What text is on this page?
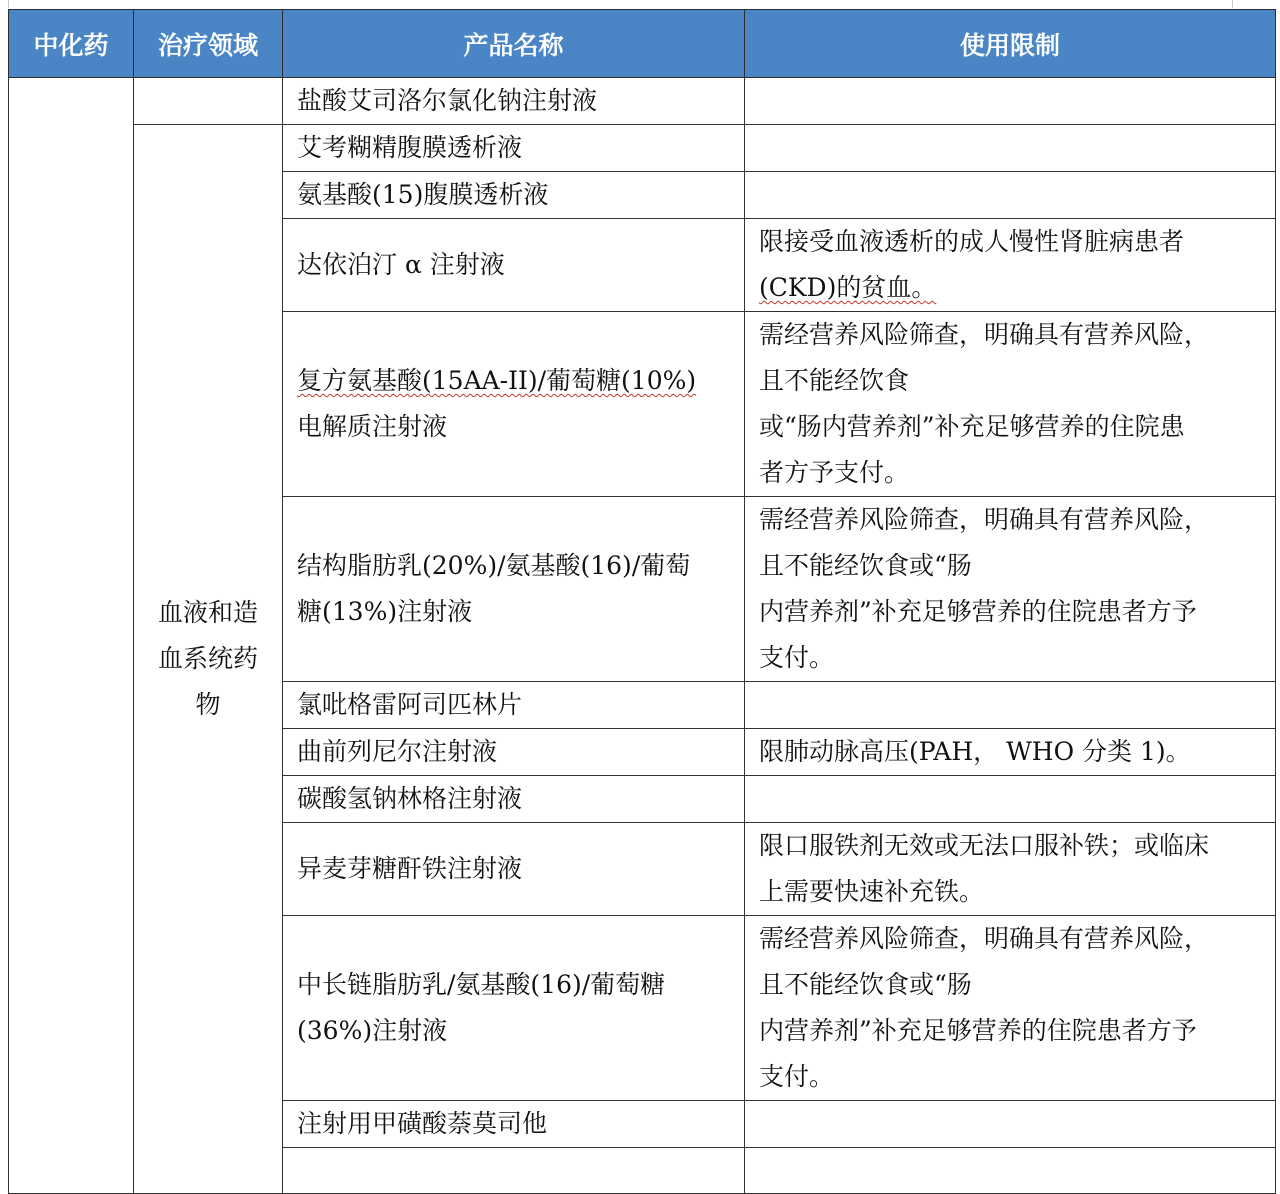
中化药	治疗领域	产品名称	使用限制

		盐酸艾司洛尔氯化钠注射液	

	血液和造
血系统药
物	艾考糊精腹膜透析液	

		氨基酸(15)腹膜透析液	

		达依泊汀 α 注射液	限接受血液透析的成人慢性肾脏病患者
(CKD)的贫血。

		复方氨基酸(15AA-II)/葡萄糖(10%)
电解质注射液	需经营养风险筛查，明确具有营养风险，
且不能经饮食
或“肠内营养剂”补充足够营养的住院患
者方予支付。

		结构脂肪乳(20%)/氨基酸(16)/葡萄
糖(13%)注射液	需经营养风险筛查，明确具有营养风险，
且不能经饮食或“肠
内营养剂”补充足够营养的住院患者方予
支付。

		氯吡格雷阿司匹林片	

		曲前列尼尔注射液	限肺动脉高压(PAH， WHO 分类 1)。

		碳酸氢钠林格注射液	

		异麦芽糖酐铁注射液	限口服铁剂无效或无法口服补铁；或临床
上需要快速补充铁。

		中长链脂肪乳/氨基酸(16)/葡萄糖
(36%)注射液	需经营养风险筛查，明确具有营养风险，
且不能经饮食或“肠
内营养剂”补充足够营养的住院患者方予
支付。

		注射用甲磺酸萘莫司他	
